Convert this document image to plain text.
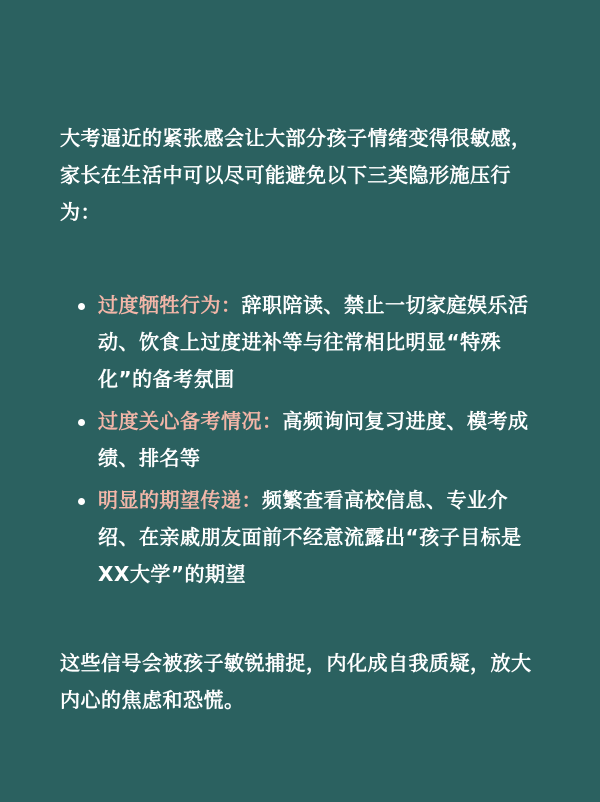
大考逼近的紧张感会让大部分孩子情绪变得很敏感，家长在生活中可以尽可能避免以下三类隐形施压行为：

过度牺牲行为：辞职陪读、禁止一切家庭娱乐活动、饮食上过度进补等与往常相比明显“特殊化”的备考氛围
过度关心备考情况：高频询问复习进度、模考成绩、排名等
明显的期望传递：频繁查看高校信息、专业介绍、在亲戚朋友面前不经意流露出“孩子目标是XX大学”的期望

这些信号会被孩子敏锐捕捉，内化成自我质疑，放大内心的焦虑和恐慌。
